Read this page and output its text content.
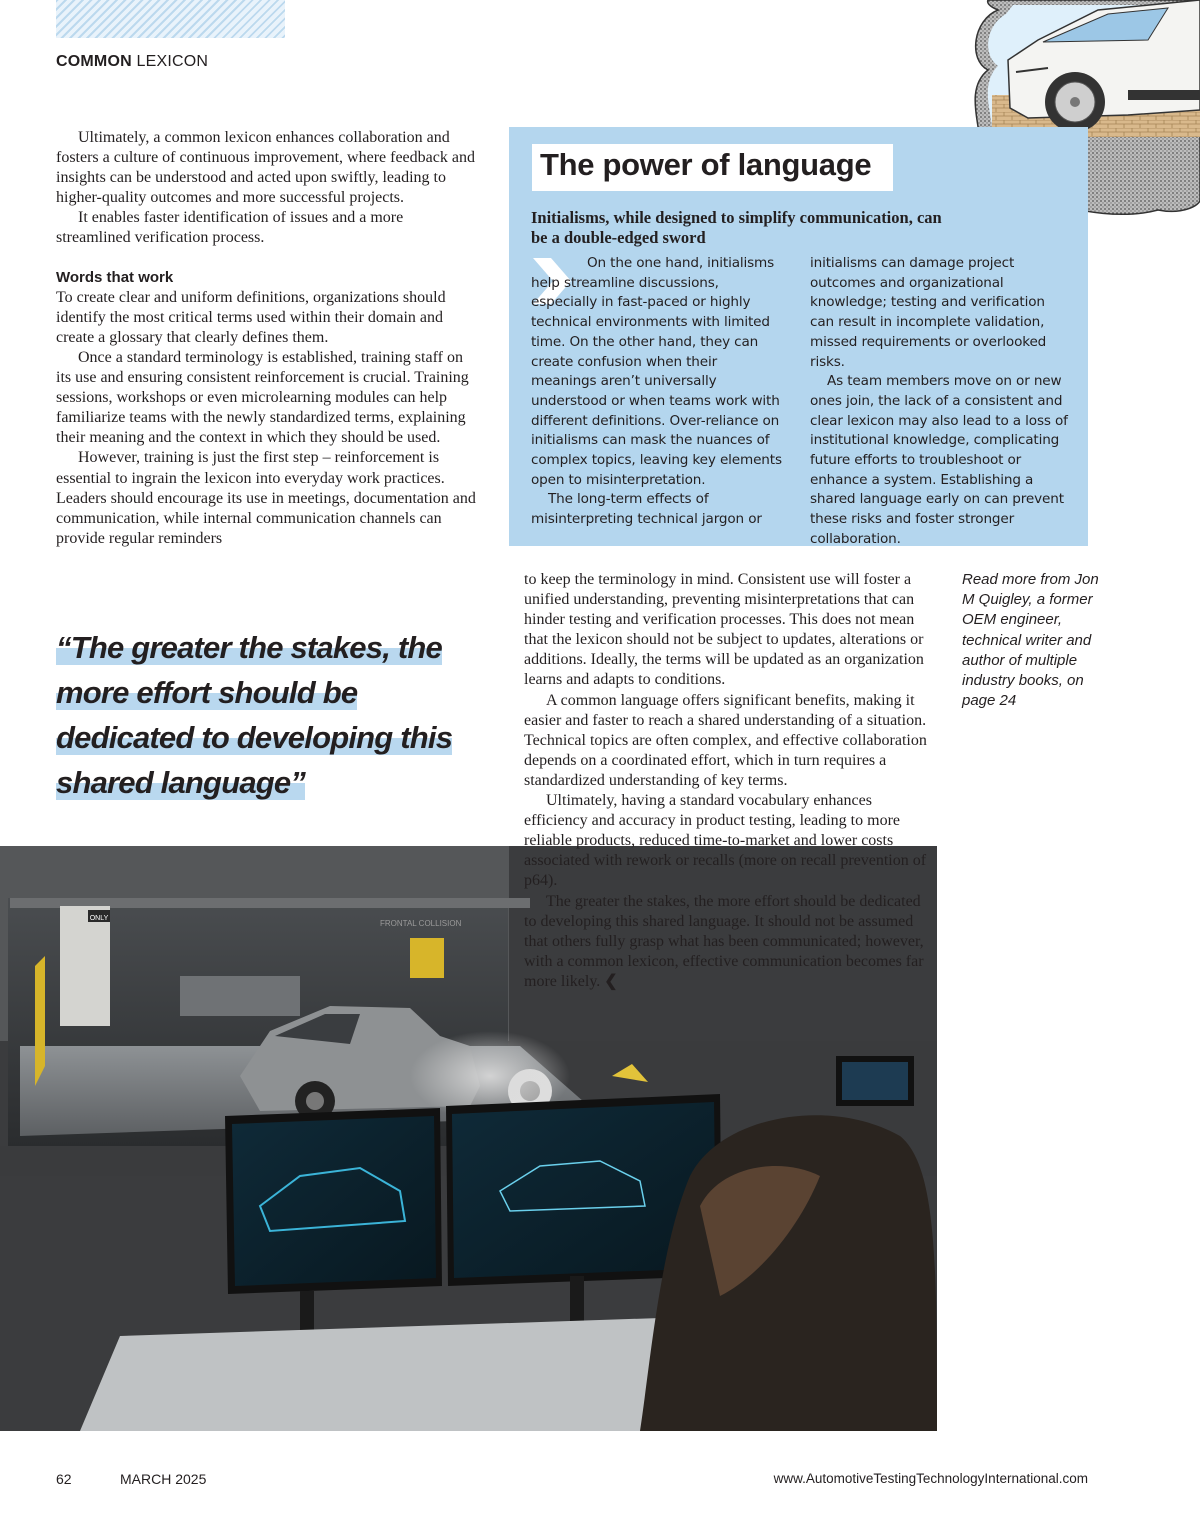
COMMON LEXICON

Ultimately, a common lexicon enhances collaboration and fosters a culture of continuous improvement, where feedback and insights can be understood and acted upon swiftly, leading to higher-quality outcomes and more successful projects.

It enables faster identification of issues and a more streamlined verification process.

Words that work

To create clear and uniform definitions, organizations should identify the most critical terms used within their domain and create a glossary that clearly defines them.

Once a standard terminology is established, training staff on its use and ensuring consistent reinforcement is crucial. Training sessions, workshops or even microlearning modules can help familiarize teams with the newly standardized terms, explaining their meaning and the context in which they should be used.

However, training is just the first step – reinforcement is essential to ingrain the lexicon into everyday work practices. Leaders should encourage its use in meetings, documentation and communication, while internal communication channels can provide regular reminders

“The greater the stakes, the more effort should be dedicated to developing this shared language”
The power of language
Initialisms, while designed to simplify communication, can be a double-edged sword

On the one hand, initialisms help streamline discussions, especially in fast-paced or highly technical environments with limited time. On the other hand, they can create confusion when their meanings aren’t universally understood or when teams work with different definitions. Over-reliance on initialisms can mask the nuances of complex topics, leaving key elements open to misinterpretation.

The long-term effects of misinterpreting technical jargon or

initialisms can damage project outcomes and organizational knowledge; testing and verification can result in incomplete validation, missed requirements or overlooked risks.

As team members move on or new ones join, the lack of a consistent and clear lexicon may also lead to a loss of institutional knowledge, complicating future efforts to troubleshoot or enhance a system. Establishing a shared language early on can prevent these risks and foster stronger collaboration.

ONLY
FRONTAL COLLISION

to keep the terminology in mind. Consistent use will foster a unified understanding, preventing misinterpretations that can hinder testing and verification processes. This does not mean that the lexicon should not be subject to updates, alterations or additions. Ideally, the terms will be updated as an organization learns and adapts to conditions.

A common language offers significant benefits, making it easier and faster to reach a shared understanding of a situation. Technical topics are often complex, and effective collaboration depends on a coordinated effort, which in turn requires a standardized understanding of key terms.

Ultimately, having a standard vocabulary enhances efficiency and accuracy in product testing, leading to more reliable products, reduced time-to-market and lower costs associated with rework or recalls (more on recall prevention of p64).

The greater the stakes, the more effort should be dedicated to developing this shared language. It should not be assumed that others fully grasp what has been communicated; however, with a common lexicon, effective communication becomes far more likely. ❮

Read more from Jon M Quigley, a former OEM engineer, technical writer and author of multiple industry books, on page 24
62	MARCH 2025	www.AutomotiveTestingTechnologyInternational.com
